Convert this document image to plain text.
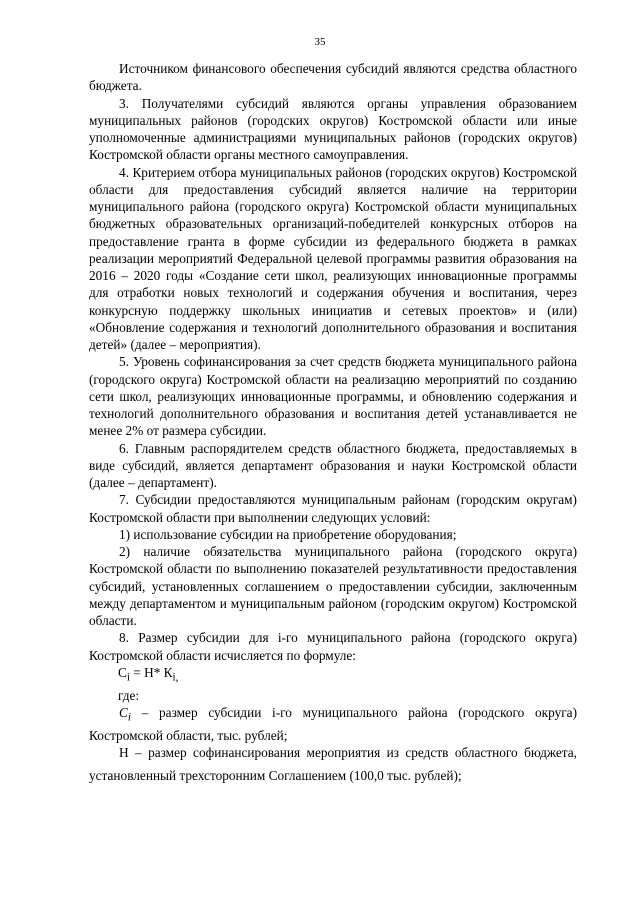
35

Источником финансового обеспечения субсидий являются средства областного бюджета.

3. Получателями субсидий являются органы управления образованием муниципальных районов (городских округов) Костромской области или иные уполномоченные администрациями муниципальных районов (городских округов) Костромской области органы местного самоуправления.

4. Критерием отбора муниципальных районов (городских округов) Костромской области для предоставления субсидий является наличие на территории муниципального района (городского округа) Костромской области муниципальных бюджетных образовательных организаций-победителей конкурсных отборов на предоставление гранта в форме субсидии из федерального бюджета в рамках реализации мероприятий Федеральной целевой программы развития образования на 2016 – 2020 годы «Создание сети школ, реализующих инновационные программы для отработки новых технологий и содержания обучения и воспитания, через конкурсную поддержку школьных инициатив и сетевых проектов» и (или) «Обновление содержания и технологий дополнительного образования и воспитания детей» (далее – мероприятия).

5. Уровень софинансирования за счет средств бюджета муниципального района (городского округа) Костромской области на реализацию мероприятий по созданию сети школ, реализующих инновационные программы, и обновлению содержания и технологий дополнительного образования и воспитания детей устанавливается не менее 2% от размера субсидии.

6. Главным распорядителем средств областного бюджета, предоставляемых в виде субсидий, является департамент образования и науки Костромской области (далее – департамент).

7. Субсидии предоставляются муниципальным районам (городским округам) Костромской области при выполнении следующих условий:

1) использование субсидии на приобретение оборудования;

2) наличие обязательства муниципального района (городского округа) Костромской области по выполнению показателей результативности предоставления субсидий, установленных соглашением о предоставлении субсидии, заключенным между департаментом и муниципальным районом (городским округом) Костромской области.

8. Размер субсидии для i-го муниципального района (городского округа) Костромской области исчисляется по формуле:

$C_i = Н*$ $К_{i,}$

где:

$C_i$ – размер субсидии i-го муниципального района (городского округа) Костромской области, тыс. рублей;

Н – размер софинансирования мероприятия из средств областного бюджета, установленный трехсторонним Соглашением (100,0 тыс. рублей);
